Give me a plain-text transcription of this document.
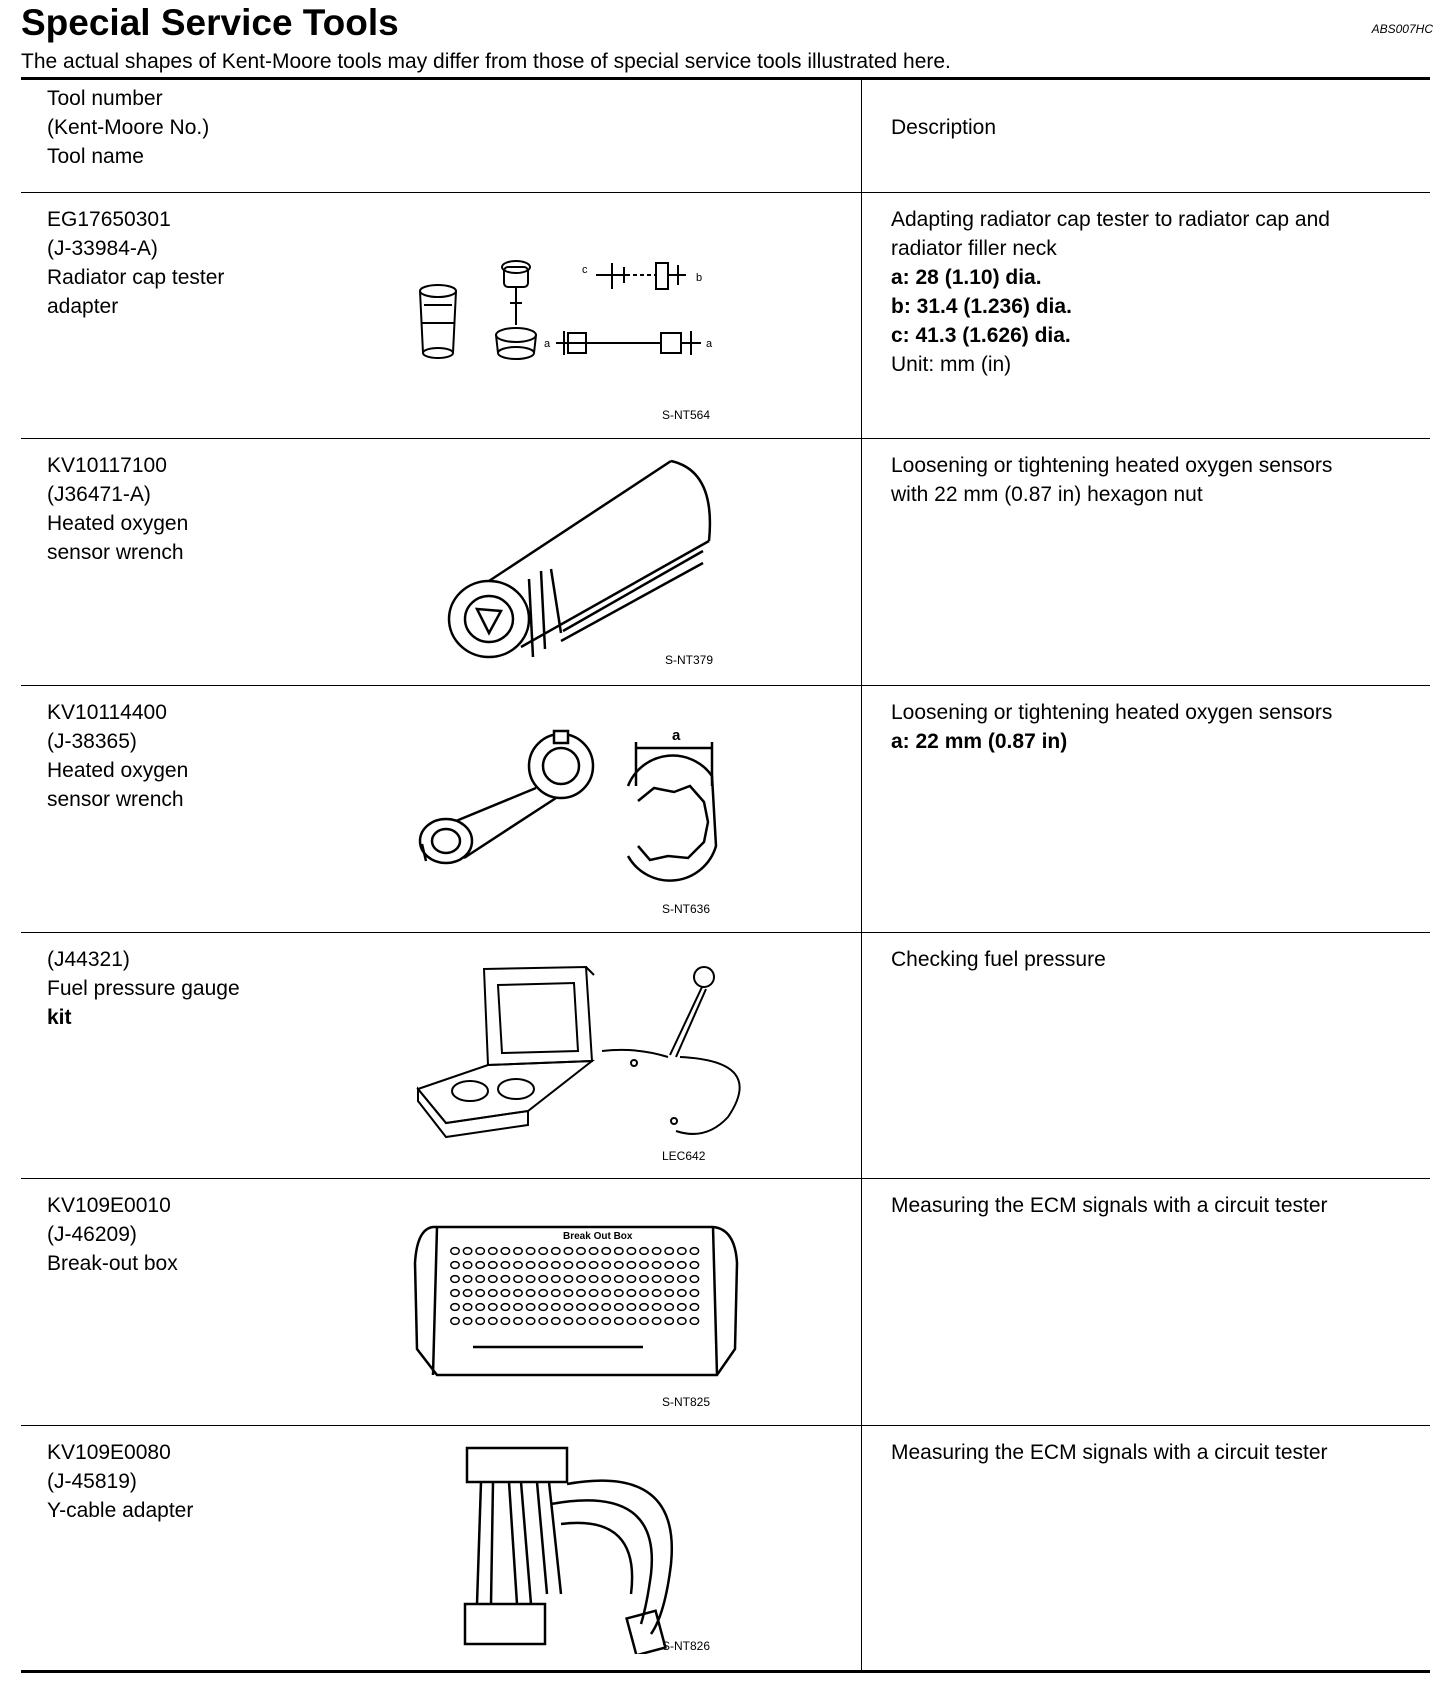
Special Service Tools	ABS007HC
The actual shapes of Kent-Moore tools may differ from those of special service tools illustrated here.
Tool number
(Kent-Moore No.)
Tool name
Description
EG17650301
(J-33984-A)
Radiator cap tester
adapter
c
b
a	a
S-NT564
Adapting radiator cap tester to radiator cap and
radiator filler neck
a: 28 (1.10) dia.
b: 31.4 (1.236) dia.
c: 41.3 (1.626) dia.
Unit: mm (in)
KV10117100
(J36471-A)
Heated oxygen
sensor wrench
S-NT379
Loosening or tightening heated oxygen sensors
with 22 mm (0.87 in) hexagon nut
KV10114400
(J-38365)
Heated oxygen
sensor wrench
a
S-NT636
Loosening or tightening heated oxygen sensors
a: 22 mm (0.87 in)
(J44321)
Fuel pressure gauge
kit
LEC642
Checking fuel pressure
KV109E0010
(J-46209)
Break-out box
Break Out Box
S-NT825
Measuring the ECM signals with a circuit tester
KV109E0080
(J-45819)
Y-cable adapter
S-NT826
Measuring the ECM signals with a circuit tester
